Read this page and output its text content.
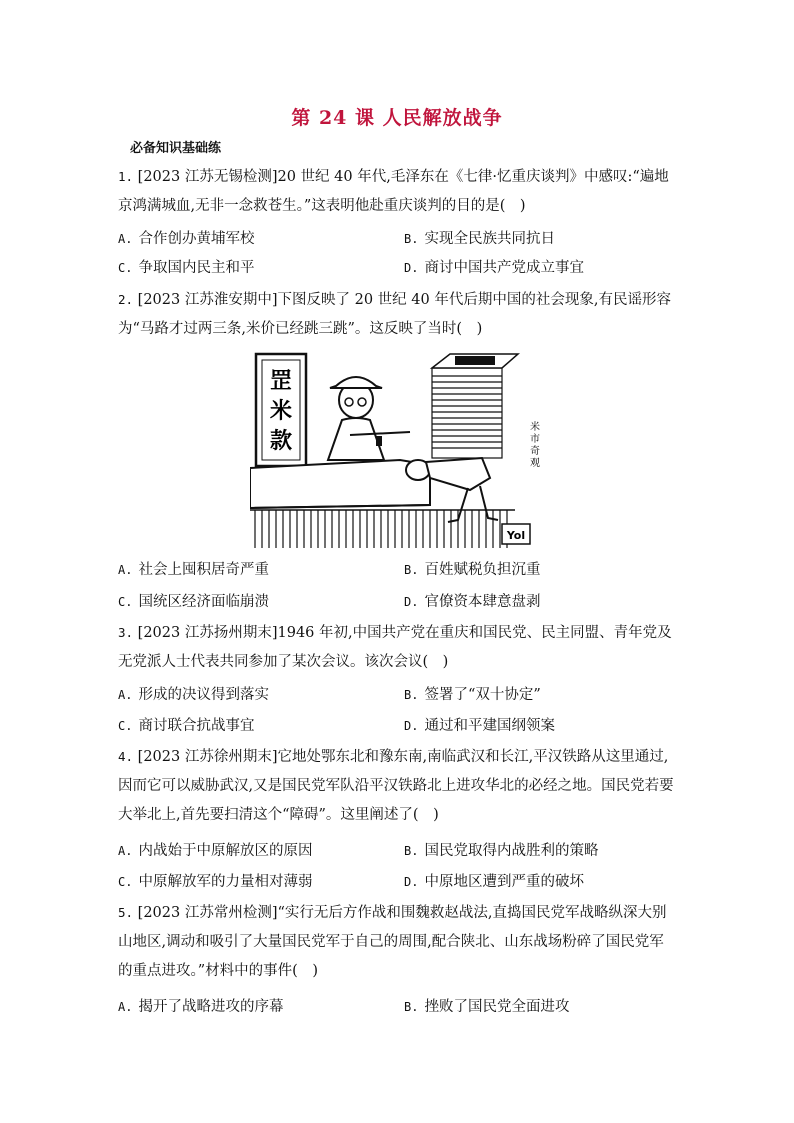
第 24 课 人民解放战争
必备知识基础练
1. [2023 江苏无锡检测]20 世纪 40 年代,毛泽东在《七律·忆重庆谈判》中感叹:“遍地京鸿满城血,无非一念救苍生。”这表明他赴重庆谈判的目的是(　)
A. 合作创办黄埔军校	B. 实现全民族共同抗日
C. 争取国内民主和平	D. 商讨中国共产党成立事宜
2. [2023 江苏淮安期中]下图反映了 20 世纪 40 年代后期中国的社会现象,有民谣形容为“马路才过两三条,米价已经跳三跳”。这反映了当时(　)
罡
米
款
米
市
奇
观
Yol
A. 社会上囤积居奇严重	B. 百姓赋税负担沉重
C. 国统区经济面临崩溃	D. 官僚资本肆意盘剥
3. [2023 江苏扬州期末]1946 年初,中国共产党在重庆和国民党、民主同盟、青年党及无党派人士代表共同参加了某次会议。该次会议(　)
A. 形成的决议得到落实	B. 签署了“双十协定”
C. 商讨联合抗战事宜	D. 通过和平建国纲领案
4. [2023 江苏徐州期末]它地处鄂东北和豫东南,南临武汉和长江,平汉铁路从这里通过,因而它可以威胁武汉,又是国民党军队沿平汉铁路北上进攻华北的必经之地。国民党若要大举北上,首先要扫清这个“障碍”。这里阐述了(　)
A. 内战始于中原解放区的原因	B. 国民党取得内战胜利的策略
C. 中原解放军的力量相对薄弱	D. 中原地区遭到严重的破坏
5. [2023 江苏常州检测]“实行无后方作战和围魏救赵战法,直捣国民党军战略纵深大别山地区,调动和吸引了大量国民党军于自己的周围,配合陕北、山东战场粉碎了国民党军的重点进攻。”材料中的事件(　)
A. 揭开了战略进攻的序幕	B. 挫败了国民党全面进攻
